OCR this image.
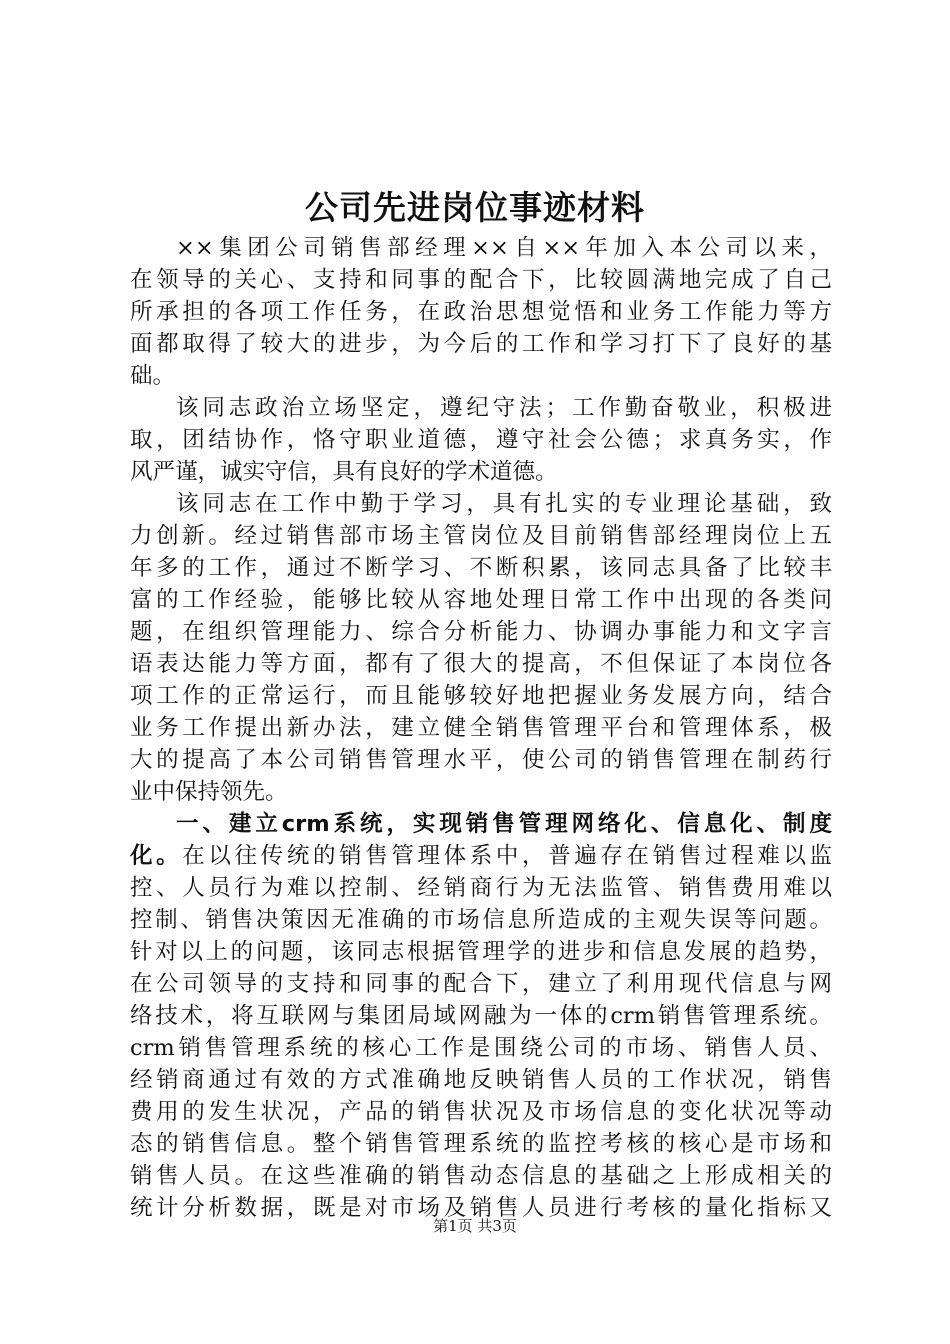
公司先进岗位事迹材料
××集团公司销售部经理××自××年加入本公司以来，
在领导的关心、支持和同事的配合下，比较圆满地完成了自己
所承担的各项工作任务，在政治思想觉悟和业务工作能力等方
面都取得了较大的进步，为今后的工作和学习打下了良好的基
础。
该同志政治立场坚定，遵纪守法；工作勤奋敬业，积极进
取，团结协作，恪守职业道德，遵守社会公德；求真务实，作
风严谨，诚实守信，具有良好的学术道德。
该同志在工作中勤于学习，具有扎实的专业理论基础，致
力创新。经过销售部市场主管岗位及目前销售部经理岗位上五
年多的工作，通过不断学习、不断积累，该同志具备了比较丰
富的工作经验，能够比较从容地处理日常工作中出现的各类问
题，在组织管理能力、综合分析能力、协调办事能力和文字言
语表达能力等方面，都有了很大的提高，不但保证了本岗位各
项工作的正常运行，而且能够较好地把握业务发展方向，结合
业务工作提出新办法，建立健全销售管理平台和管理体系，极
大的提高了本公司销售管理水平，使公司的销售管理在制药行
业中保持领先。
一、建立crm系统，实现销售管理网络化、信息化、制度
化。在以往传统的销售管理体系中，普遍存在销售过程难以监
控、人员行为难以控制、经销商行为无法监管、销售费用难以
控制、销售决策因无准确的市场信息所造成的主观失误等问题。
针对以上的问题，该同志根据管理学的进步和信息发展的趋势，
在公司领导的支持和同事的配合下，建立了利用现代信息与网
络技术，将互联网与集团局域网融为一体的crm销售管理系统。
crm销售管理系统的核心工作是围绕公司的市场、销售人员、
经销商通过有效的方式准确地反映销售人员的工作状况，销售
费用的发生状况，产品的销售状况及市场信息的变化状况等动
态的销售信息。整个销售管理系统的监控考核的核心是市场和
销售人员。在这些准确的销售动态信息的基础之上形成相关的
统计分析数据，既是对市场及销售人员进行考核的量化指标又
第1页 共3页
